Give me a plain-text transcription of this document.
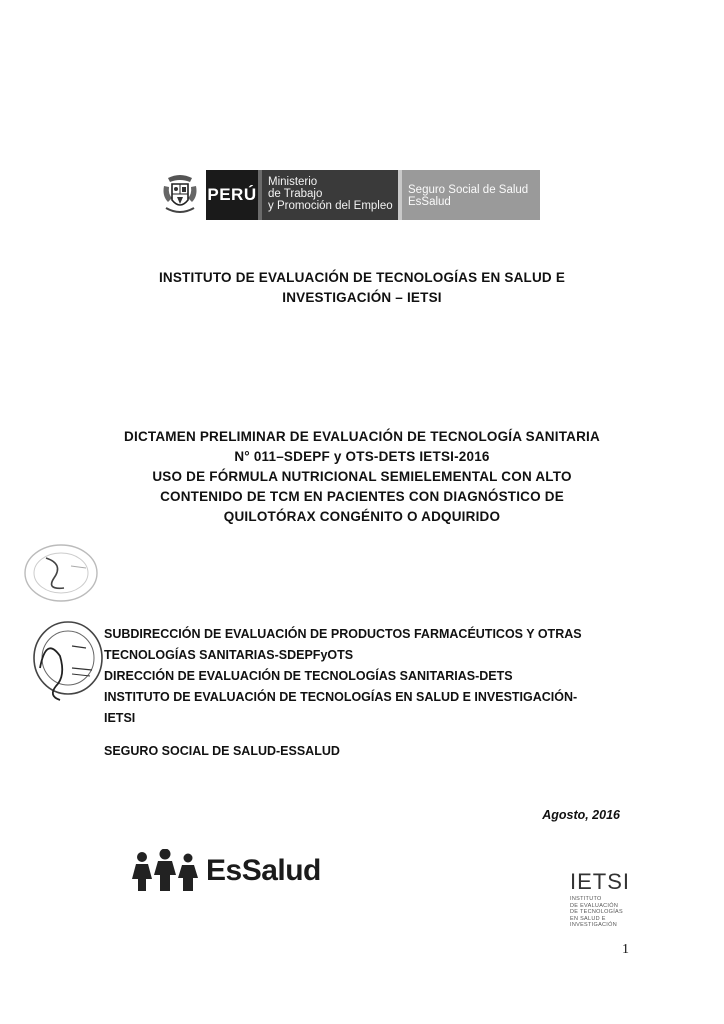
PERÚ
Ministerio
de Trabajo
y Promoción del Empleo
Seguro Social de Salud
EsSalud
INSTITUTO DE EVALUACIÓN DE TECNOLOGÍAS EN SALUD E
INVESTIGACIÓN – IETSI
DICTAMEN PRELIMINAR DE EVALUACIÓN DE TECNOLOGÍA SANITARIA
N° 011–SDEPF y OTS-DETS IETSI-2016
USO DE FÓRMULA NUTRICIONAL SEMIELEMENTAL CON ALTO
CONTENIDO DE TCM EN PACIENTES CON DIAGNÓSTICO DE
QUILOTÓRAX CONGÉNITO O ADQUIRIDO
SUBDIRECCIÓN DE EVALUACIÓN DE PRODUCTOS FARMACÉUTICOS Y OTRAS
TECNOLOGÍAS SANITARIAS-SDEPFyOTS
DIRECCIÓN DE EVALUACIÓN DE TECNOLOGÍAS SANITARIAS-DETS
INSTITUTO DE EVALUACIÓN DE TECNOLOGÍAS EN SALUD E INVESTIGACIÓN-
IETSI
SEGURO SOCIAL DE SALUD-ESSALUD
Agosto, 2016
EsSalud	IETSI
INSTITUTO
DE EVALUACIÓN
DE TECNOLOGÍAS
EN SALUD E
INVESTIGACIÓN
1
